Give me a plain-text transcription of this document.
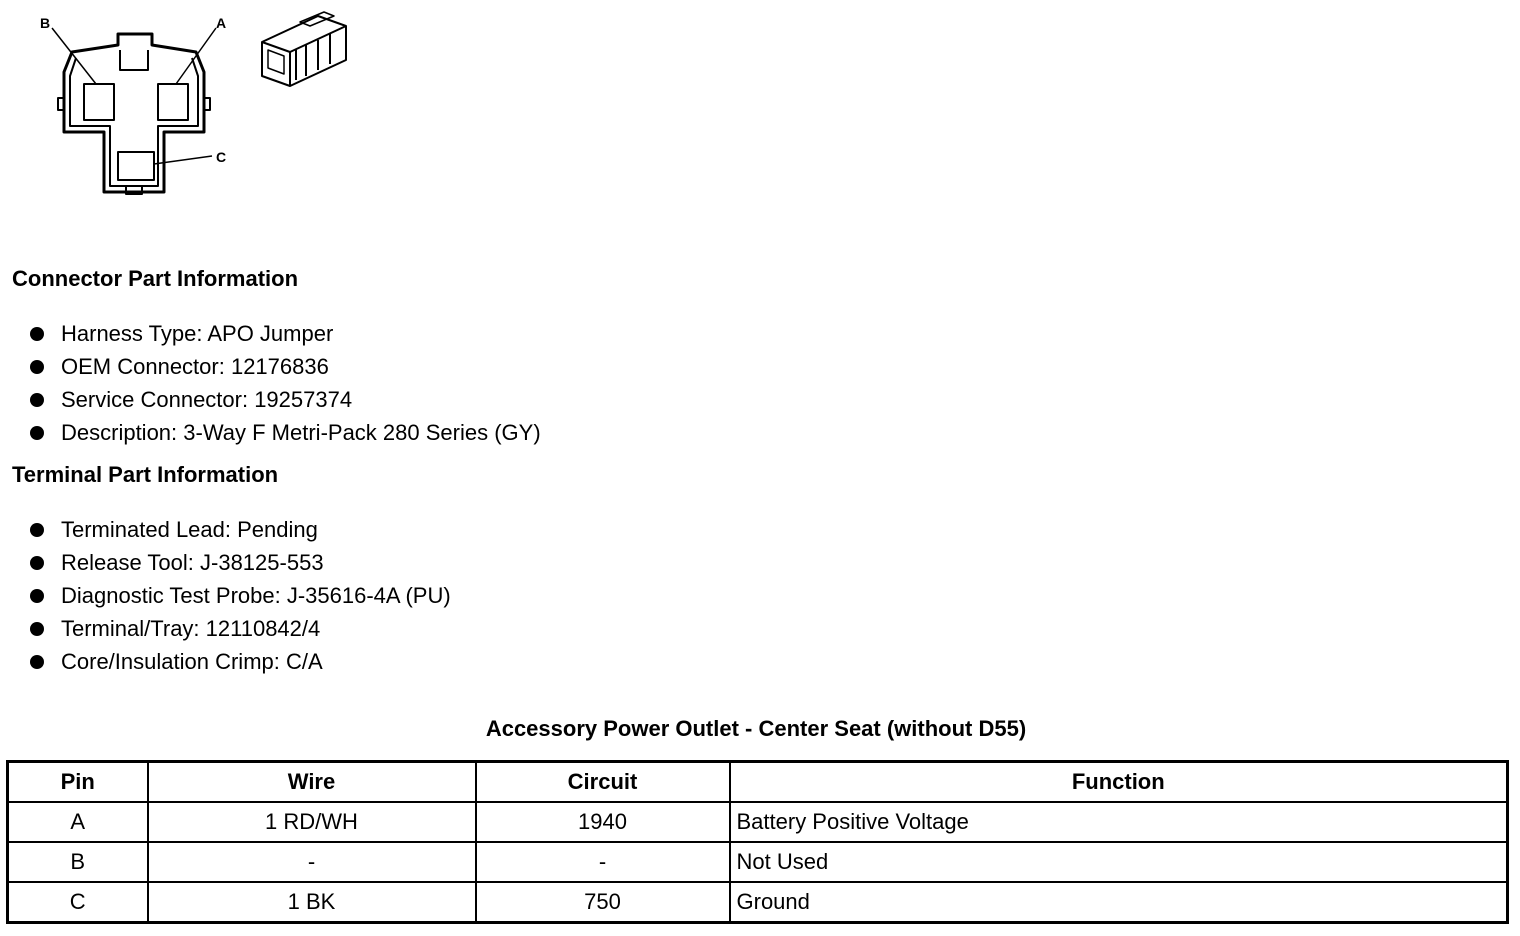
B	A
C
Connector Part Information
Harness Type: APO Jumper
OEM Connector: 12176836
Service Connector: 19257374
Description: 3-Way F Metri-Pack 280 Series (GY)
Terminal Part Information
Terminated Lead: Pending
Release Tool: J-38125-553
Diagnostic Test Probe: J-35616-4A (PU)
Terminal/Tray: 12110842/4
Core/Insulation Crimp: C/A
Accessory Power Outlet - Center Seat (without D55)
Pin	Wire	Circuit	Function
A	1 RD/WH	1940	Battery Positive Voltage
B	-	-	Not Used
C	1 BK	750	Ground
